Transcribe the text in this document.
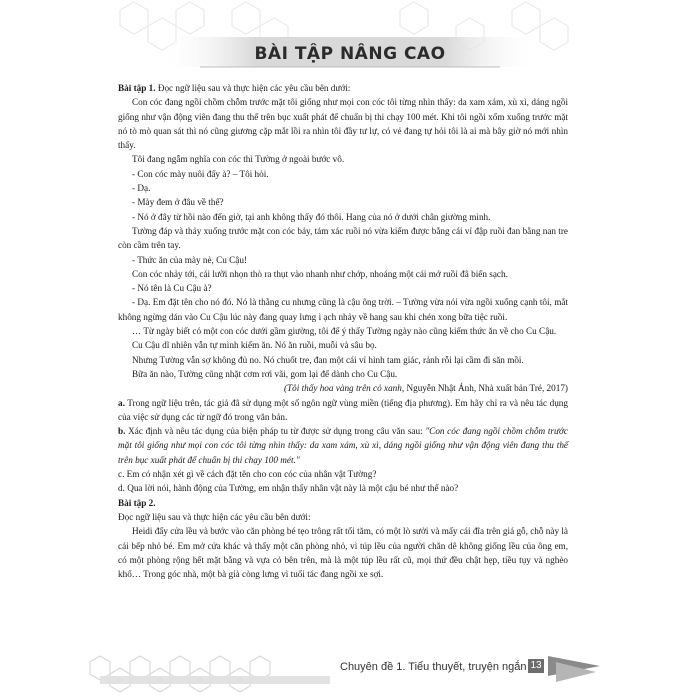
BÀI TẬP NÂNG CAO

Bài tập 1. Đọc ngữ liệu sau và thực hiện các yêu cầu bên dưới:

Con cóc đang ngồi chồm chỗm trước mặt tôi giống như mọi con cóc tôi từng nhìn thấy: da xam xám, xù xì, dáng ngồi giống như vận động viên đang thu thế trên bục xuất phát để chuẩn bị thi chạy 100 mét. Khi tôi ngồi xổm xuống trước mặt nó tò mò quan sát thì nó cũng giương cặp mắt lồi ra nhìn tôi đầy tư lự, có vẻ đang tự hỏi tôi là ai mà bây giờ nó mới nhìn thấy.

Tôi đang ngẫm nghĩa con cóc thì Tường ở ngoài bước vô.

- Con cóc mày nuôi đấy à? – Tôi hỏi.

- Dạ.

- Mày đem ở đâu về thế?

- Nó ở đây từ hồi nào đến giờ, tại anh không thấy đó thôi. Hang của nó ở dưới chân giường mình.

Tường đáp và thảy xuống trước mặt con cóc bảy, tám xác ruồi nó vừa kiếm được bằng cái vỉ đập ruồi đan bằng nan tre còn cầm trên tay.

- Thức ăn của mày nè, Cu Cậu!

Con cóc nhảy tới, cái lưỡi nhọn thò ra thụt vào nhanh như chớp, nhoáng một cái mớ ruồi đã biến sạch.

- Nó tên là Cu Cậu à?

- Dạ. Em đặt tên cho nó đó. Nó là thằng cu nhưng cũng là cậu ông trời. – Tường vừa nói vừa ngồi xuống cạnh tôi, mắt không ngừng dán vào Cu Cậu lúc này đang quay lưng ì ạch nhảy về hang sau khi chén xong bữa tiệc ruồi.

… Từ ngày biết có một con cóc dưới gầm giường, tôi để ý thấy Tường ngày nào cũng kiếm thức ăn về cho Cu Cậu.

Cu Cậu dĩ nhiên vẫn tự mình kiếm ăn. Nó ăn ruồi, muỗi và sâu bọ.

Nhưng Tường vẫn sợ không đủ no. Nó chuốt tre, đan một cái vỉ hình tam giác, rảnh rỗi lại cầm đi săn mồi.

Bữa ăn nào, Tường cũng nhặt cơm rơi vãi, gom lại để dành cho Cu Cậu.

(Tôi thấy hoa vàng trên cỏ xanh, Nguyễn Nhật Ánh, Nhà xuất bản Trẻ, 2017)

a. Trong ngữ liệu trên, tác giả đã sử dụng một số ngôn ngữ vùng miền (tiếng địa phương). Em hãy chỉ ra và nêu tác dụng của việc sử dụng các từ ngữ đó trong văn bản.

b. Xác định và nêu tác dụng của biện pháp tu từ được sử dụng trong câu văn sau: "Con cóc đang ngồi chồm chỗm trước mặt tôi giống như mọi con cóc tôi từng nhìn thấy: da xam xám, xù xì, dáng ngồi giống như vận động viên đang thu thế trên bục xuất phát để chuẩn bị thi chạy 100 mét."

c. Em có nhận xét gì về cách đặt tên cho con cóc của nhân vật Tường?

d. Qua lời nói, hành động của Tường, em nhận thấy nhân vật này là một cậu bé như thế nào?

Bài tập 2.

Đọc ngữ liệu sau và thực hiện các yêu cầu bên dưới:

Heidi đẩy cửa lều và bước vào căn phòng bé tẹo trông rất tối tăm, có một lò sưởi và mấy cái đĩa trên giá gỗ, chỗ này là cái bếp nhỏ bé. Em mở cửa khác và thấy một căn phòng nhỏ, vì túp lều của người chăn dê không giống lều của ông em, có một phòng rộng hết mặt bằng và vựa cỏ bên trên, mà là một túp lều rất cũ, mọi thứ đều chật hẹp, tiều tụy và nghèo khổ… Trong góc nhà, một bà già còng lưng vì tuổi tác đang ngồi xe sợi.

Chuyên đề 1. Tiểu thuyết, truyện ngắn 13
